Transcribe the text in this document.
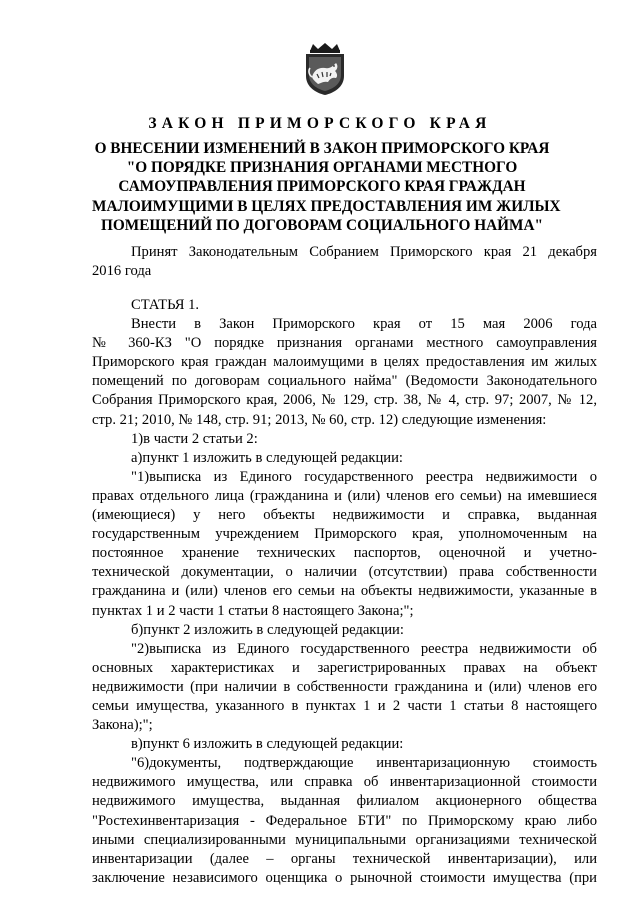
ЗАКОН ПРИМОРСКОГО КРАЯ
О ВНЕСЕНИИ ИЗМЕНЕНИЙ В ЗАКОН ПРИМОРСКОГО КРАЯ
"О ПОРЯДКЕ ПРИЗНАНИЯ ОРГАНАМИ МЕСТНОГО
САМОУПРАВЛЕНИЯ ПРИМОРСКОГО КРАЯ ГРАЖДАН
МАЛОИМУЩИМИ В ЦЕЛЯХ ПРЕДОСТАВЛЕНИЯ ИМ ЖИЛЫХ
ПОМЕЩЕНИЙ ПО ДОГОВОРАМ СОЦИАЛЬНОГО НАЙМА"
Принят Законодательным Собранием Приморского края 21 декабря
2016 года
СТАТЬЯ 1.
Внести в Закон Приморского края от 15 мая 2006 года
№ 360-КЗ "О порядке признания органами местного самоуправления
Приморского края граждан малоимущими в целях предоставления им жилых
помещений по договорам социального найма" (Ведомости Законодательного
Собрания Приморского края, 2006, № 129, стр. 38, № 4, стр. 97; 2007, № 12,
стр. 21; 2010, № 148, стр. 91; 2013, № 60, стр. 12) следующие изменения:
1)в части 2 статьи 2:
а)пункт 1 изложить в следующей редакции:
"1)выписка из Единого государственного реестра недвижимости о
правах отдельного лица (гражданина и (или) членов его семьи) на имевшиеся
(имеющиеся) у него объекты недвижимости и справка, выданная
государственным учреждением Приморского края, уполномоченным на
постоянное хранение технических паспортов, оценочной и учетно-
технической документации, о наличии (отсутствии) права собственности
гражданина и (или) членов его семьи на объекты недвижимости, указанные в
пунктах 1 и 2 части 1 статьи 8 настоящего Закона;";
б)пункт 2 изложить в следующей редакции:
"2)выписка из Единого государственного реестра недвижимости об
основных характеристиках и зарегистрированных правах на объект
недвижимости (при наличии в собственности гражданина и (или) членов его
семьи имущества, указанного в пунктах 1 и 2 части 1 статьи 8 настоящего
Закона);";
в)пункт 6 изложить в следующей редакции:
"6)документы, подтверждающие инвентаризационную стоимость
недвижимого имущества, или справка об инвентаризационной стоимости
недвижимого имущества, выданная филиалом акционерного общества
"Ростехинвентаризация - Федеральное БТИ" по Приморскому краю либо
иными специализированными муниципальными организациями технической
инвентаризации (далее – органы технической инвентаризации), или
заключение независимого оценщика о рыночной стоимости имущества (при
